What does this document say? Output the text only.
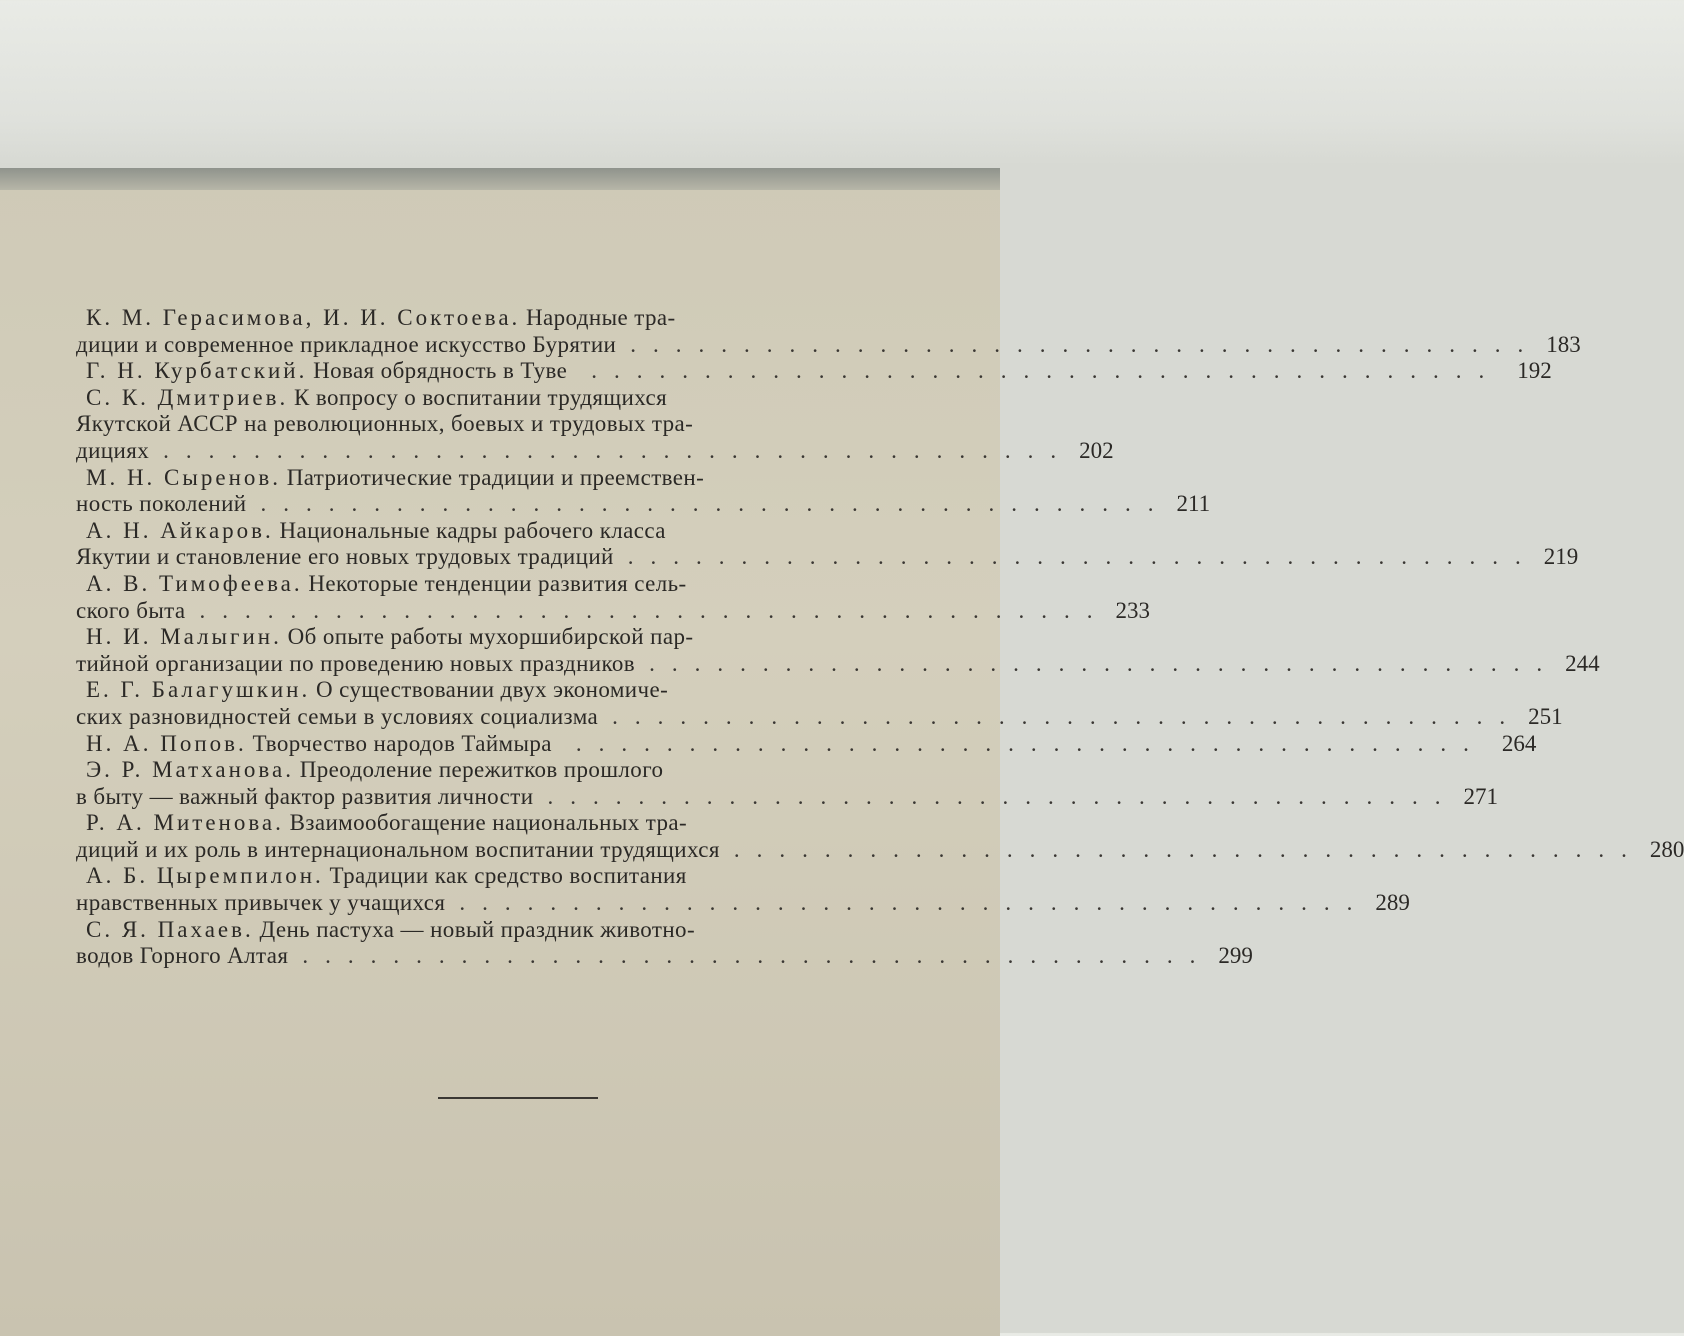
К. М. Герасимова, И. И. Соктоева. Народные тра-
диции и современное прикладное искусство Бурятии ........................................ 183
Г. Н. Курбатский. Новая обрядность в Туве	........................................ 192
С. К. Дмитриев. К вопросу о воспитании трудящихся
Якутской АССР на революционных, боевых и трудовых тра-
дициях ........................................ 202
М. Н. Сыренов. Патриотические традиции и преемствен-
ность поколений ........................................ 211
А. Н. Айкаров. Национальные кадры рабочего класса
Якутии и становление его новых трудовых традиций ........................................ 219
А. В. Тимофеева. Некоторые тенденции развития сель-
ского быта ........................................ 233
Н. И. Малыгин. Об опыте работы мухоршибирской пар-
тийной организации по проведению новых праздников ........................................ 244
Е. Г. Балагушкин. О существовании двух экономиче-
ских разновидностей семьи в условиях социализма ........................................ 251
Н. А. Попов. Творчество народов Таймыра	........................................ 264
Э. Р. Матханова. Преодоление пережитков прошлого
в быту — важный фактор развития личности ........................................ 271
Р. А. Митенова. Взаимообогащение национальных тра-
диций и их роль в интернациональном воспитании трудящихся ........................................ 280
А. Б. Цыремпилон. Традиции как средство воспитания
нравственных привычек у учащихся ........................................ 289
С. Я. Пахаев. День пастуха — новый праздник животно-
водов Горного Алтая ........................................ 299
